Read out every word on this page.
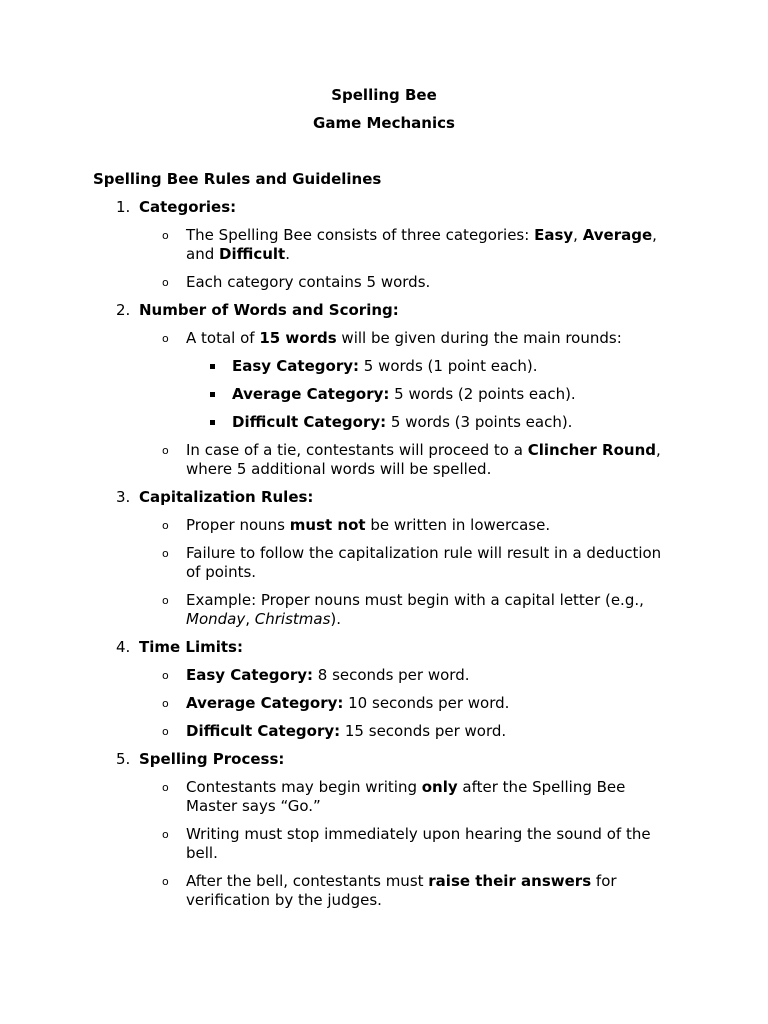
Spelling Bee
Game Mechanics
Spelling Bee Rules and Guidelines
1. Categories:
o The Spelling Bee consists of three categories: Easy, Average, and Difficult.
o Each category contains 5 words.
2. Number of Words and Scoring:
o A total of 15 words will be given during the main rounds:
Easy Category: 5 words (1 point each).
Average Category: 5 words (2 points each).
Difficult Category: 5 words (3 points each).
o In case of a tie, contestants will proceed to a Clincher Round, where 5 additional words will be spelled.
3. Capitalization Rules:
o Proper nouns must not be written in lowercase.
o Failure to follow the capitalization rule will result in a deduction of points.
o Example: Proper nouns must begin with a capital letter (e.g., Monday, Christmas).
4. Time Limits:
o Easy Category: 8 seconds per word.
o Average Category: 10 seconds per word.
o Difficult Category: 15 seconds per word.
5. Spelling Process:
o Contestants may begin writing only after the Spelling Bee Master says “Go.”
o Writing must stop immediately upon hearing the sound of the bell.
o After the bell, contestants must raise their answers for verification by the judges.
